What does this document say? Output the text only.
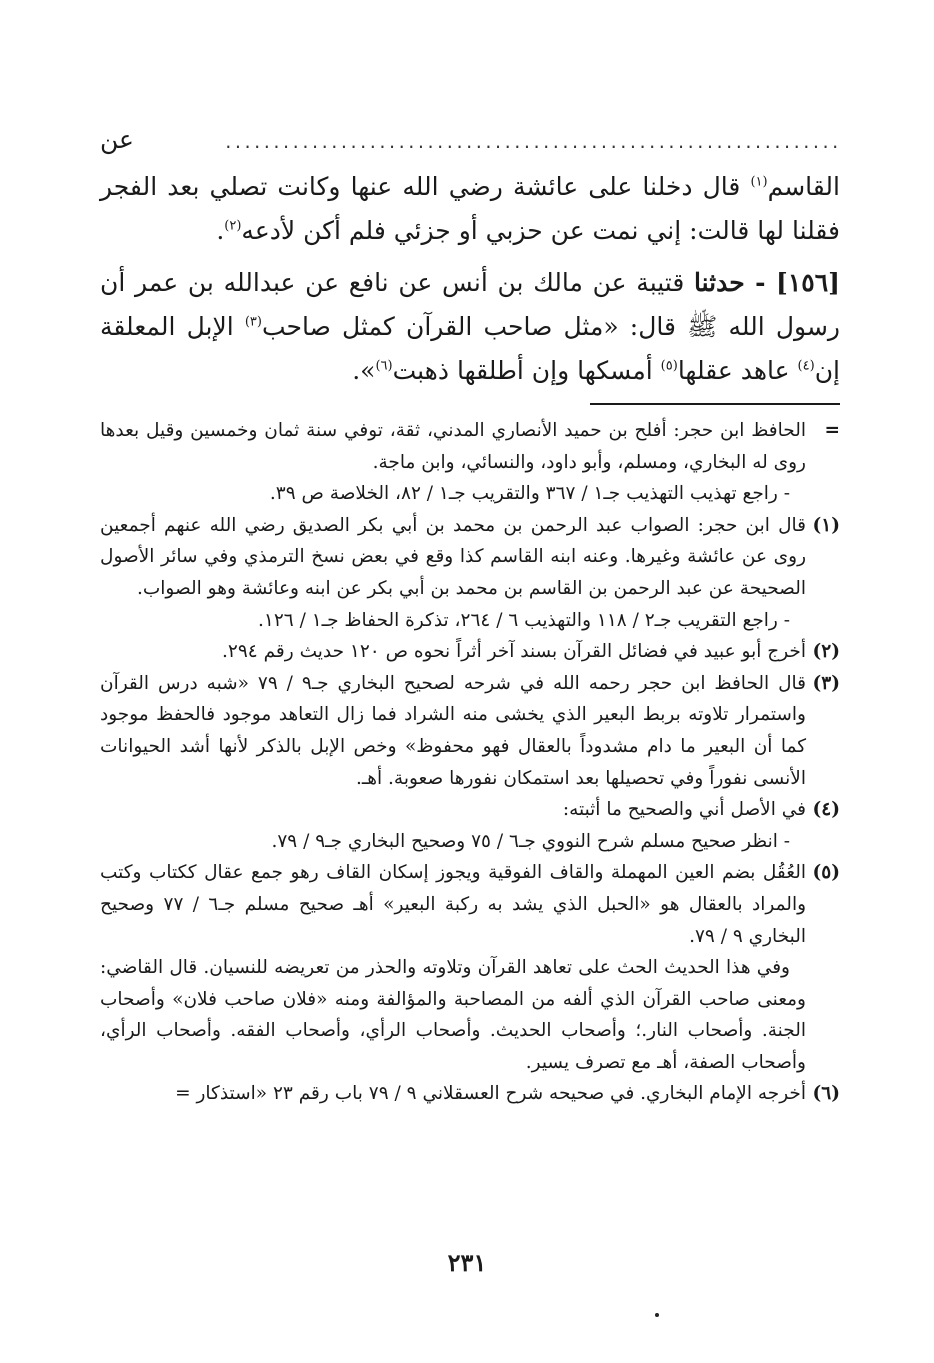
................................................................ عن القاسم$^{(١)}$ قال دخلنا على عائشة رضي الله عنها وكانت تصلي بعد الفجر فقلنا لها قالت: إني نمت عن حزبي أو جزئي فلم أكن لأدعه$^{(٢)}$.

[١٥٦] - حدثنا قتيبة عن مالك بن أنس عن نافع عن عبدالله بن عمر أن رسول الله ﷺ قال: «مثل صاحب القرآن كمثل صاحب$^{(٣)}$ الإبل المعلقة إن$^{(٤)}$ عاهد عقلها$^{(٥)}$ أمسكها وإن أطلقها ذهبت$^{(٦)}$».

=

الحافظ ابن حجر: أفلح بن حميد الأنصاري المدني، ثقة، توفي سنة ثمان وخمسين وقيل بعدها روى له البخاري، ومسلم، وأبو داود، والنسائي، وابن ماجة.

- راجع تهذيب التهذيب جـ١ / ٣٦٧ والتقريب جـ١ / ٨٢، الخلاصة ص ٣٩.

(١)

قال ابن حجر: الصواب عبد الرحمن بن محمد بن أبي بكر الصديق رضي الله عنهم أجمعين روى عن عائشة وغيرها. وعنه ابنه القاسم كذا وقع في بعض نسخ الترمذي وفي سائر الأصول الصحيحة عن عبد الرحمن بن القاسم بن محمد بن أبي بكر عن ابنه وعائشة وهو الصواب.

- راجع التقريب جـ٢ / ١١٨ والتهذيب ٦ / ٢٦٤، تذكرة الحفاظ جـ١ / ١٢٦.

(٢)

أخرج أبو عبيد في فضائل القرآن بسند آخر أثراً نحوه ص ١٢٠ حديث رقم ٢٩٤.

(٣)

قال الحافظ ابن حجر رحمه الله في شرحه لصحيح البخاري جـ٩ / ٧٩ «شبه درس القرآن واستمرار تلاوته بربط البعير الذي يخشى منه الشراد فما زال التعاهد موجود فالحفظ موجود كما أن البعير ما دام مشدوداً بالعقال فهو محفوظ» وخص الإبل بالذكر لأنها أشد الحيوانات الأنسى نفوراً وفي تحصيلها بعد استمكان نفورها صعوبة. أهـ.

(٤)

في الأصل أني والصحيح ما أثبته:

- انظر صحيح مسلم شرح النووي جـ٦ / ٧٥ وصحيح البخاري جـ٩ / ٧٩.

(٥)

العُقُل بضم العين المهملة والقاف الفوقية ويجوز إسكان القاف رهو جمع عقال ككتاب وكتب والمراد بالعقال هو «الحبل الذي يشد به ركبة البعير» أهـ صحيح مسلم جـ٦ / ٧٧ وصحيح البخاري ٩ / ٧٩.

وفي هذا الحديث الحث على تعاهد القرآن وتلاوته والحذر من تعريضه للنسيان. قال القاضي: ومعنى صاحب القرآن الذي ألفه من المصاحبة والمؤالفة ومنه «فلان صاحب فلان» وأصحاب الجنة. وأصحاب النار.؛ وأصحاب الحديث. وأصحاب الرأي، وأصحاب الفقه. وأصحاب الرأي، وأصحاب الصفة، أهـ مع تصرف يسير.

(٦)

أخرجه الإمام البخاري. في صحيحه شرح العسقلاني ٩ / ٧٩ باب رقم ٢٣ «استذكار =

٢٣١
